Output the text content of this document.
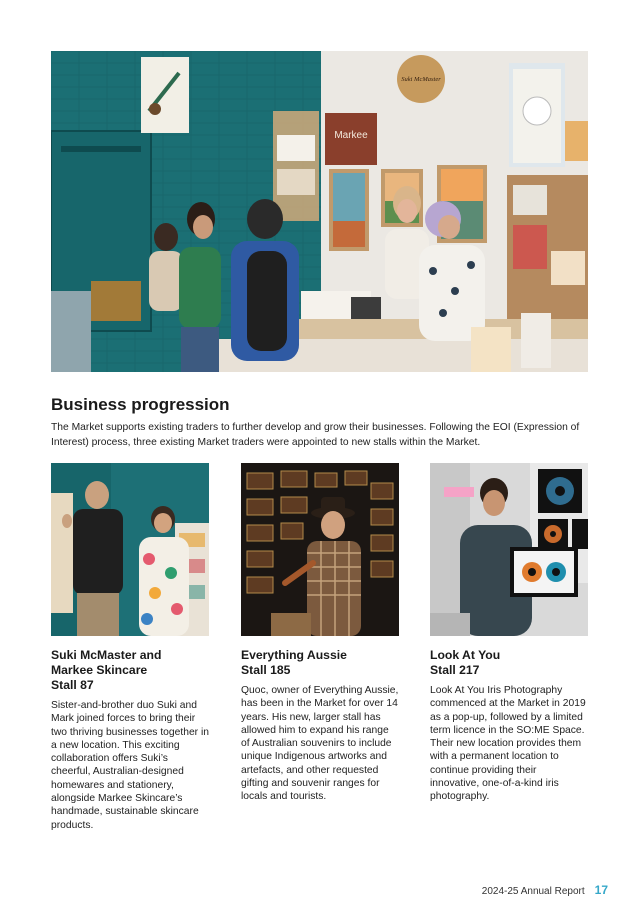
Markee
Suki McMaster
Business progression

The Market supports existing traders to further develop and grow their businesses. Following the EOI (Expression of Interest) process, three existing Market traders were appointed to new stalls within the Market.

Suki McMaster and
Markee Skincare
Stall 87

Sister-and-brother duo Suki and Mark joined forces to bring their two thriving businesses together in a new location. This exciting collaboration offers Suki’s cheerful, Australian-designed homewares and stationery, alongside Markee Skincare’s handmade, sustainable skincare products.

Everything Aussie
Stall 185

Quoc, owner of Everything Aussie, has been in the Market for over 14 years. His new, larger stall has allowed him to expand his range of Australian souvenirs to include unique Indigenous artworks and artefacts, and other requested gifting and souvenir ranges for locals and tourists.

Look At You
Stall 217

Look At You Iris Photography commenced at the Market in 2019 as a pop-up, followed by a limited term licence in the SO:ME Space. Their new location provides them with a permanent location to continue providing their innovative, one-of-a-kind iris photography.

2024-25 Annual Report 17
